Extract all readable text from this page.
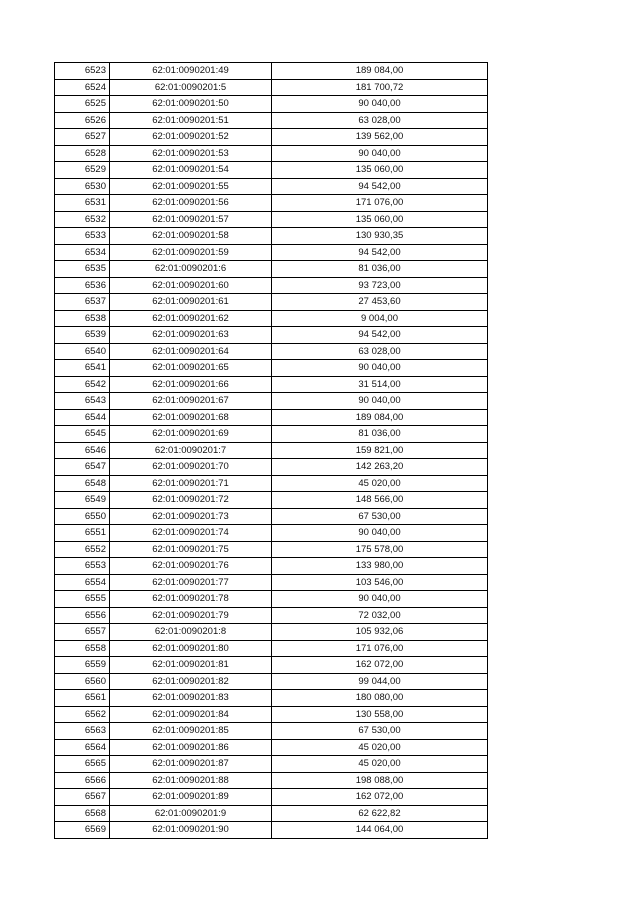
6523	62:01:0090201:49	189 084,00
6524	62:01:0090201:5	181 700,72
6525	62:01:0090201:50	90 040,00
6526	62:01:0090201:51	63 028,00
6527	62:01:0090201:52	139 562,00
6528	62:01:0090201:53	90 040,00
6529	62:01:0090201:54	135 060,00
6530	62:01:0090201:55	94 542,00
6531	62:01:0090201:56	171 076,00
6532	62:01:0090201:57	135 060,00
6533	62:01:0090201:58	130 930,35
6534	62:01:0090201:59	94 542,00
6535	62:01:0090201:6	81 036,00
6536	62:01:0090201:60	93 723,00
6537	62:01:0090201:61	27 453,60
6538	62:01:0090201:62	9 004,00
6539	62:01:0090201:63	94 542,00
6540	62:01:0090201:64	63 028,00
6541	62:01:0090201:65	90 040,00
6542	62:01:0090201:66	31 514,00
6543	62:01:0090201:67	90 040,00
6544	62:01:0090201:68	189 084,00
6545	62:01:0090201:69	81 036,00
6546	62:01:0090201:7	159 821,00
6547	62:01:0090201:70	142 263,20
6548	62:01:0090201:71	45 020,00
6549	62:01:0090201:72	148 566,00
6550	62:01:0090201:73	67 530,00
6551	62:01:0090201:74	90 040,00
6552	62:01:0090201:75	175 578,00
6553	62:01:0090201:76	133 980,00
6554	62:01:0090201:77	103 546,00
6555	62:01:0090201:78	90 040,00
6556	62:01:0090201:79	72 032,00
6557	62:01:0090201:8	105 932,06
6558	62:01:0090201:80	171 076,00
6559	62:01:0090201:81	162 072,00
6560	62:01:0090201:82	99 044,00
6561	62:01:0090201:83	180 080,00
6562	62:01:0090201:84	130 558,00
6563	62:01:0090201:85	67 530,00
6564	62:01:0090201:86	45 020,00
6565	62:01:0090201:87	45 020,00
6566	62:01:0090201:88	198 088,00
6567	62:01:0090201:89	162 072,00
6568	62:01:0090201:9	62 622,82
6569	62:01:0090201:90	144 064,00
